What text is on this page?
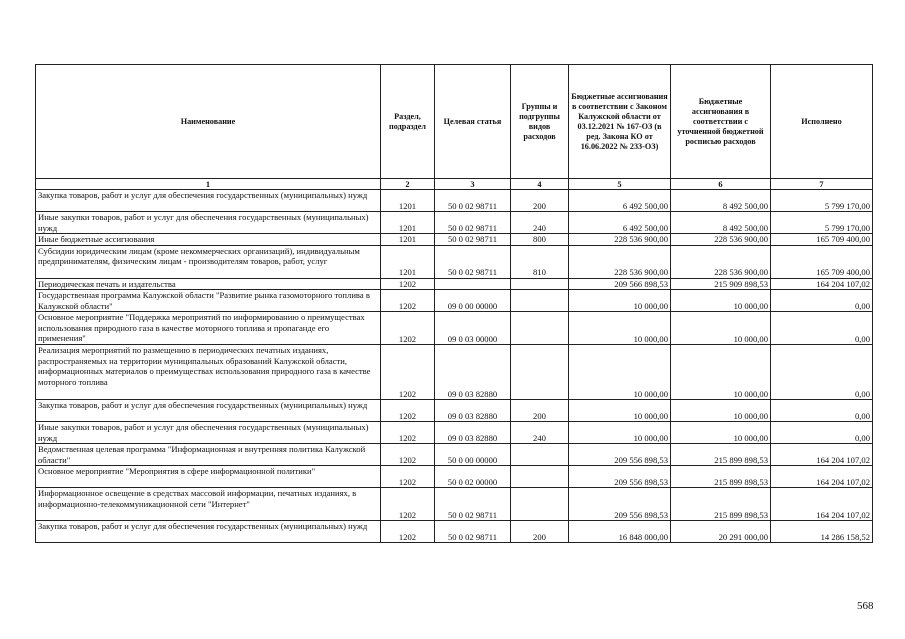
Наименование	Раздел, подраздел	Целевая статья	Группы и подгруппы видов расходов	Бюджетные ассигнования в соответствии с Законом Калужской области от 03.12.2021 № 167-ОЗ (в ред. Закона КО от 16.06.2022 № 233-ОЗ)	Бюджетные ассигнования в соответствии с уточненной бюджетной росписью расходов	Исполнено
1	2	3	4	5	6	7
Закупка товаров, работ и услуг для обеспечения государственных (муниципальных) нужд	1201	50 0 02 98711	200	6 492 500,00	8 492 500,00	5 799 170,00
Иные закупки товаров, работ и услуг для обеспечения государственных (муниципальных) нужд	1201	50 0 02 98711	240	6 492 500,00	8 492 500,00	5 799 170,00
Иные бюджетные ассигнования	1201	50 0 02 98711	800	228 536 900,00	228 536 900,00	165 709 400,00
Субсидии юридическим лицам (кроме некоммерческих организаций), индивидуальным предпринимателям, физическим лицам - производителям товаров, работ, услуг	1201	50 0 02 98711	810	228 536 900,00	228 536 900,00	165 709 400,00
Периодическая печать и издательства	1202			209 566 898,53	215 909 898,53	164 204 107,02
Государственная программа Калужской области "Развитие рынка газомоторного топлива в Калужской области"	1202	09 0 00 00000		10 000,00	10 000,00	0,00
Основное мероприятие "Поддержка мероприятий по информированию о преимуществах использования природного газа в качестве моторного топлива и пропаганде его применения"	1202	09 0 03 00000		10 000,00	10 000,00	0,00
Реализация мероприятий по размещению в периодических печатных изданиях, распространяемых на территории муниципальных образований Калужской области, информационных материалов о преимуществах использования природного газа в качестве моторного топлива	1202	09 0 03 82880		10 000,00	10 000,00	0,00
Закупка товаров, работ и услуг для обеспечения государственных (муниципальных) нужд	1202	09 0 03 82880	200	10 000,00	10 000,00	0,00
Иные закупки товаров, работ и услуг для обеспечения государственных (муниципальных) нужд	1202	09 0 03 82880	240	10 000,00	10 000,00	0,00
Ведомственная целевая программа "Информационная и внутренняя политика Калужской области"	1202	50 0 00 00000		209 556 898,53	215 899 898,53	164 204 107,02
Основное мероприятие "Мероприятия в сфере информационной политики"	1202	50 0 02 00000		209 556 898,53	215 899 898,53	164 204 107,02
Информационное освещение в средствах массовой информации, печатных изданиях, в информационно-телекоммуникационной сети "Интернет"	1202	50 0 02 98711		209 556 898,53	215 899 898,53	164 204 107,02
Закупка товаров, работ и услуг для обеспечения государственных (муниципальных) нужд	1202	50 0 02 98711	200	16 848 000,00	20 291 000,00	14 286 158,52
568
